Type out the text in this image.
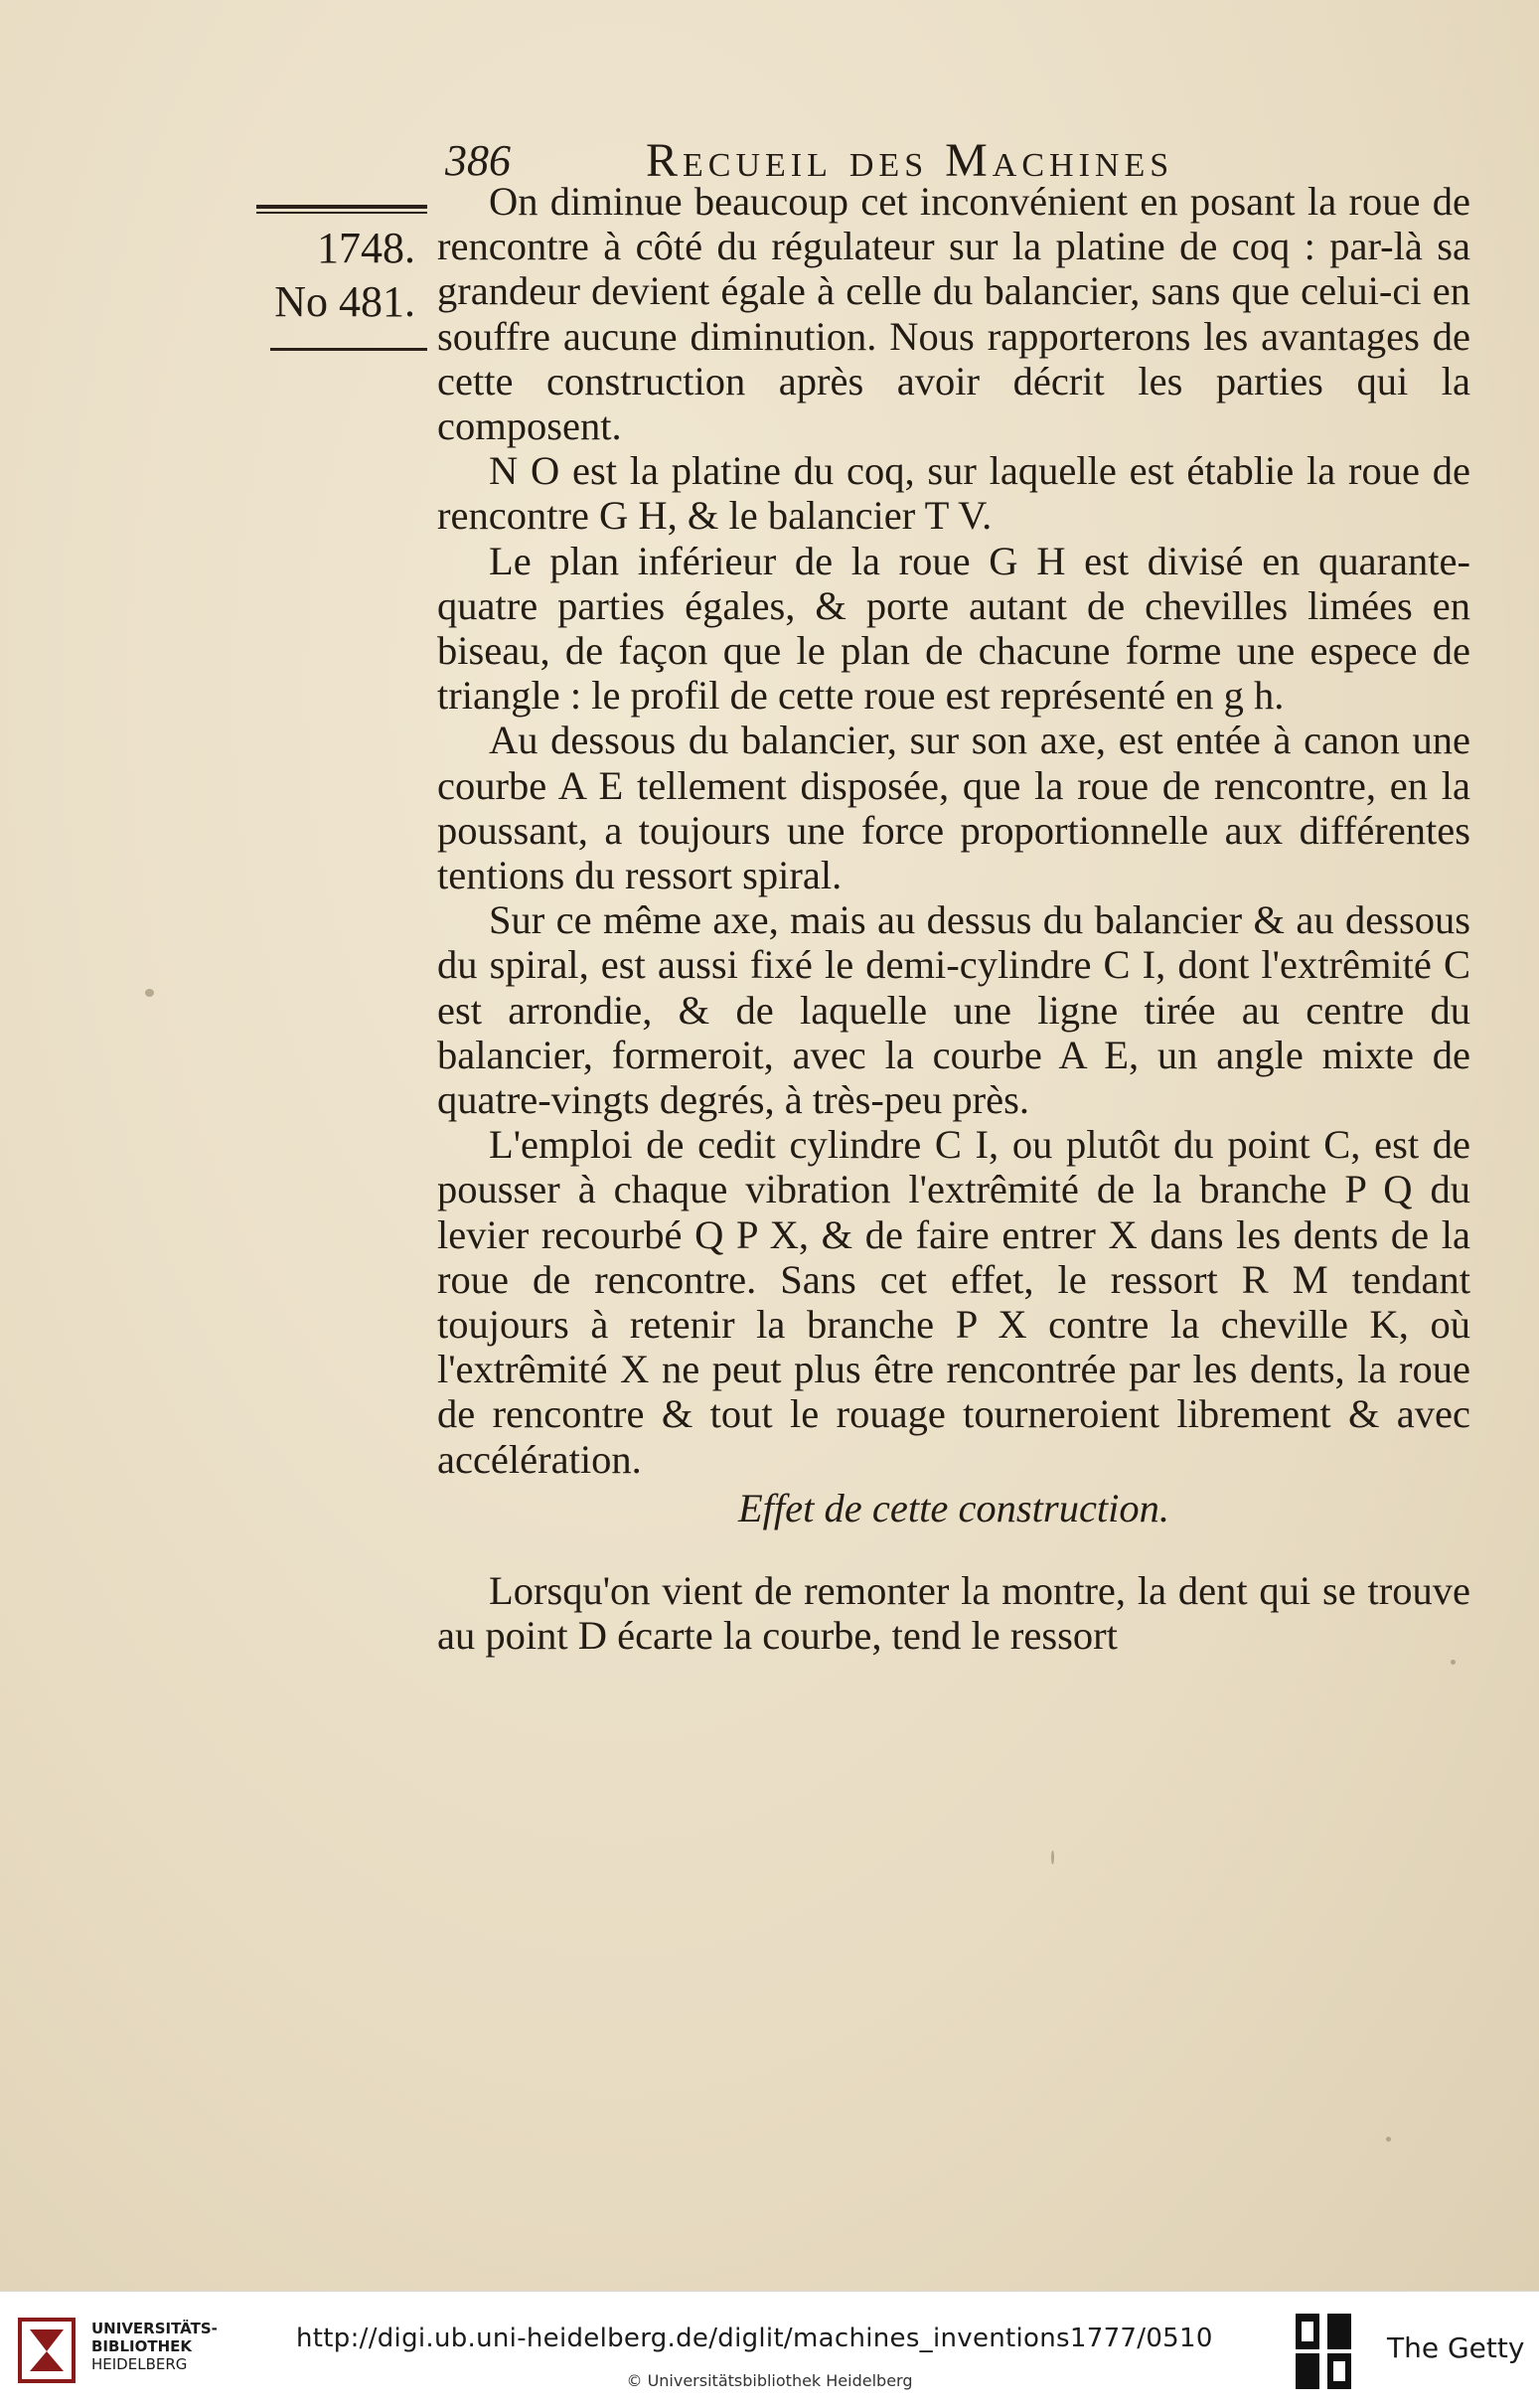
386	Recueil des Machines
1748.
No 481.

On diminue beaucoup cet inconvénient en posant la roue de rencontre à côté du régulateur sur la platine de coq : par-là sa grandeur devient égale à celle du balancier, sans que celui-ci en souffre aucune diminution. Nous rapporterons les avantages de cette construction après avoir décrit les parties qui la composent.

N O est la platine du coq, sur laquelle est établie la roue de rencontre G H, & le balancier T V.

Le plan inférieur de la roue G H est divisé en quarante-quatre parties égales, & porte autant de chevilles limées en biseau, de façon que le plan de chacune forme une espece de triangle : le profil de cette roue est représenté en g h.

Au dessous du balancier, sur son axe, est entée à canon une courbe A E tellement disposée, que la roue de rencontre, en la poussant, a toujours une force proportionnelle aux différentes tentions du ressort spiral.

Sur ce même axe, mais au dessus du balancier & au dessous du spiral, est aussi fixé le demi-cylindre C I, dont l'extrêmité C est arrondie, & de laquelle une ligne tirée au centre du balancier, formeroit, avec la courbe A E, un angle mixte de quatre-vingts degrés, à très-peu près.

L'emploi de cedit cylindre C I, ou plutôt du point C, est de pousser à chaque vibration l'extrêmité de la branche P Q du levier recourbé Q P X, & de faire entrer X dans les dents de la roue de rencontre. Sans cet effet, le ressort R M tendant toujours à retenir la branche P X contre la cheville K, où l'extrêmité X ne peut plus être rencontrée par les dents, la roue de rencontre & tout le rouage tourneroient librement & avec accélération.

Effet de cette construction.

Lorsqu'on vient de remonter la montre, la dent qui se trouve au point D écarte la courbe, tend le ressort

UNIVERSITÄTS-
BIBLIOTHEK
HEIDELBERG
http://digi.ub.uni-heidelberg.de/diglit/machines_inventions1777/0510
© Universitätsbibliothek Heidelberg
The Getty
